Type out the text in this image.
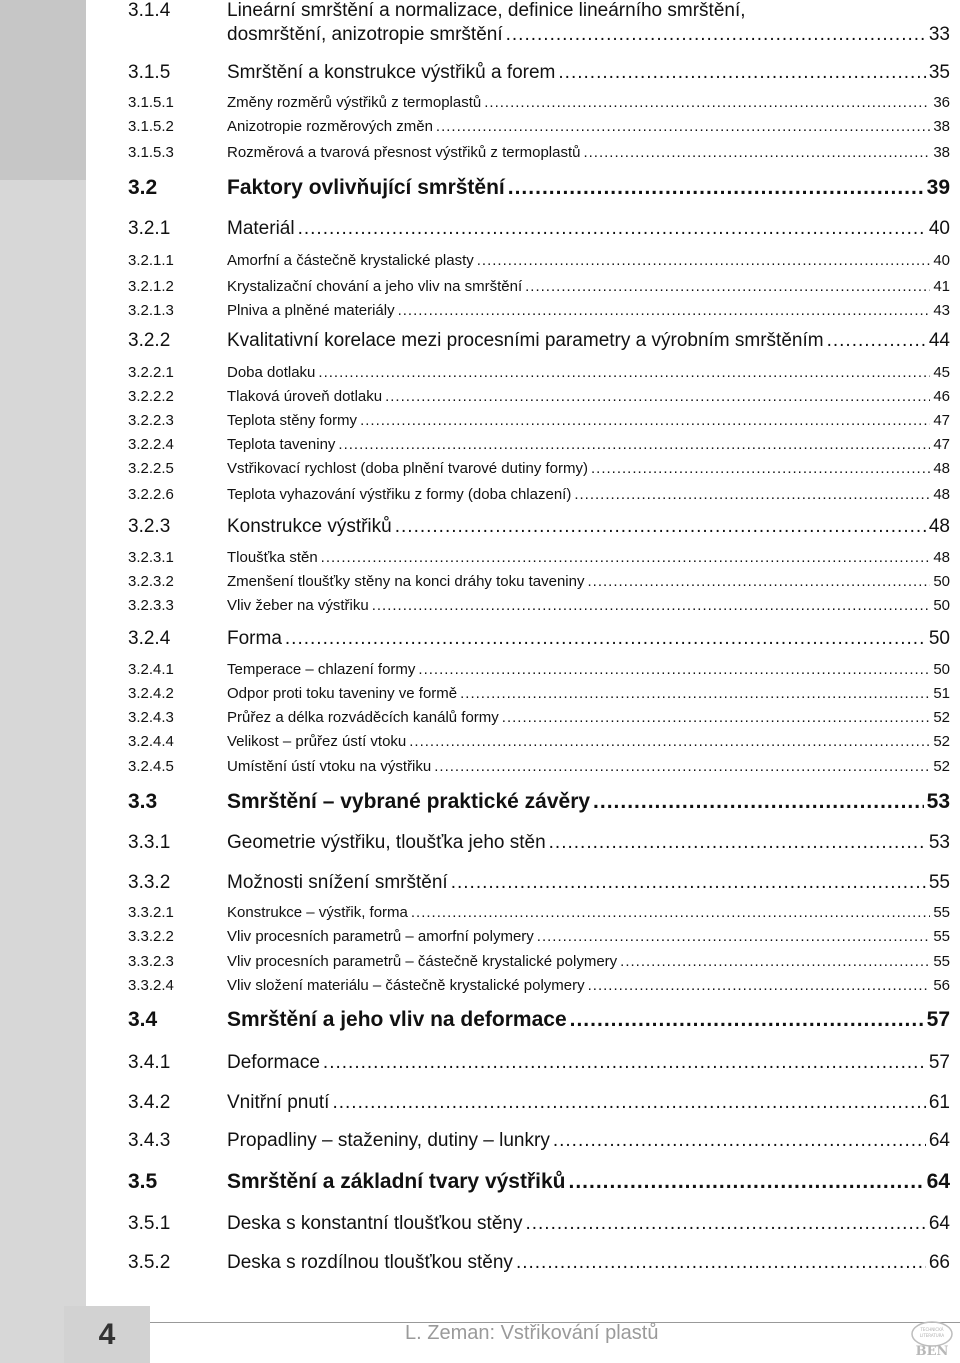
3.1.4	Lineární smrštění a normalizace, definice lineárního smrštění,
dosmrštění, anizotropie smrštění .....	33
3.1.5	Smrštění a konstrukce výstřiků a forem .....	35
3.1.5.1	Změny rozměrů výstřiků z termoplastů .....	36
3.1.5.2	Anizotropie rozměrových změn .....	38
3.1.5.3	Rozměrová a tvarová přesnost výstřiků z termoplastů .....	38
3.2	Faktory ovlivňující smrštění .....	39
3.2.1	Materiál .....	40
3.2.1.1	Amorfní a částečně krystalické plasty .....	40
3.2.1.2	Krystalizační chování a jeho vliv na smrštění .....	41
3.2.1.3	Plniva a plněné materiály .....	43
3.2.2	Kvalitativní korelace mezi procesními parametry a výrobním smrštěním .....	44
3.2.2.1	Doba dotlaku .....	45
3.2.2.2	Tlaková úroveň dotlaku .....	46
3.2.2.3	Teplota stěny formy .....	47
3.2.2.4	Teplota taveniny .....	47
3.2.2.5	Vstřikovací rychlost (doba plnění tvarové dutiny formy) .....	48
3.2.2.6	Teplota vyhazování výstřiku z formy (doba chlazení) .....	48
3.2.3	Konstrukce výstřiků .....	48
3.2.3.1	Tloušťka stěn .....	48
3.2.3.2	Zmenšení tloušťky stěny na konci dráhy toku taveniny .....	50
3.2.3.3	Vliv žeber na výstřiku .....	50
3.2.4	Forma .....	50
3.2.4.1	Temperace – chlazení formy .....	50
3.2.4.2	Odpor proti toku taveniny ve formě .....	51
3.2.4.3	Průřez a délka rozváděcích kanálů formy .....	52
3.2.4.4	Velikost – průřez ústí vtoku .....	52
3.2.4.5	Umístění ústí vtoku na výstřiku .....	52
3.3	Smrštění – vybrané praktické závěry .....	53
3.3.1	Geometrie výstřiku, tloušťka jeho stěn .....	53
3.3.2	Možnosti snížení smrštění .....	55
3.3.2.1	Konstrukce – výstřik, forma .....	55
3.3.2.2	Vliv procesních parametrů – amorfní polymery .....	55
3.3.2.3	Vliv procesních parametrů – částečně krystalické polymery .....	55
3.3.2.4	Vliv složení materiálu – částečně krystalické polymery .....	56
3.4	Smrštění a jeho vliv na deformace .....	57
3.4.1	Deformace .....	57
3.4.2	Vnitřní pnutí .....	61
3.4.3	Propadliny – staženiny, dutiny – lunkry .....	64
3.5	Smrštění a základní tvary výstřiků .....	64
3.5.1	Deska s konstantní tloušťkou stěny .....	64
3.5.2	Deska s rozdílnou tloušťkou stěny .....	66
4	L. Zeman: Vstřikování plastů	TECHNICKÁ
LITERATURA
BEN
